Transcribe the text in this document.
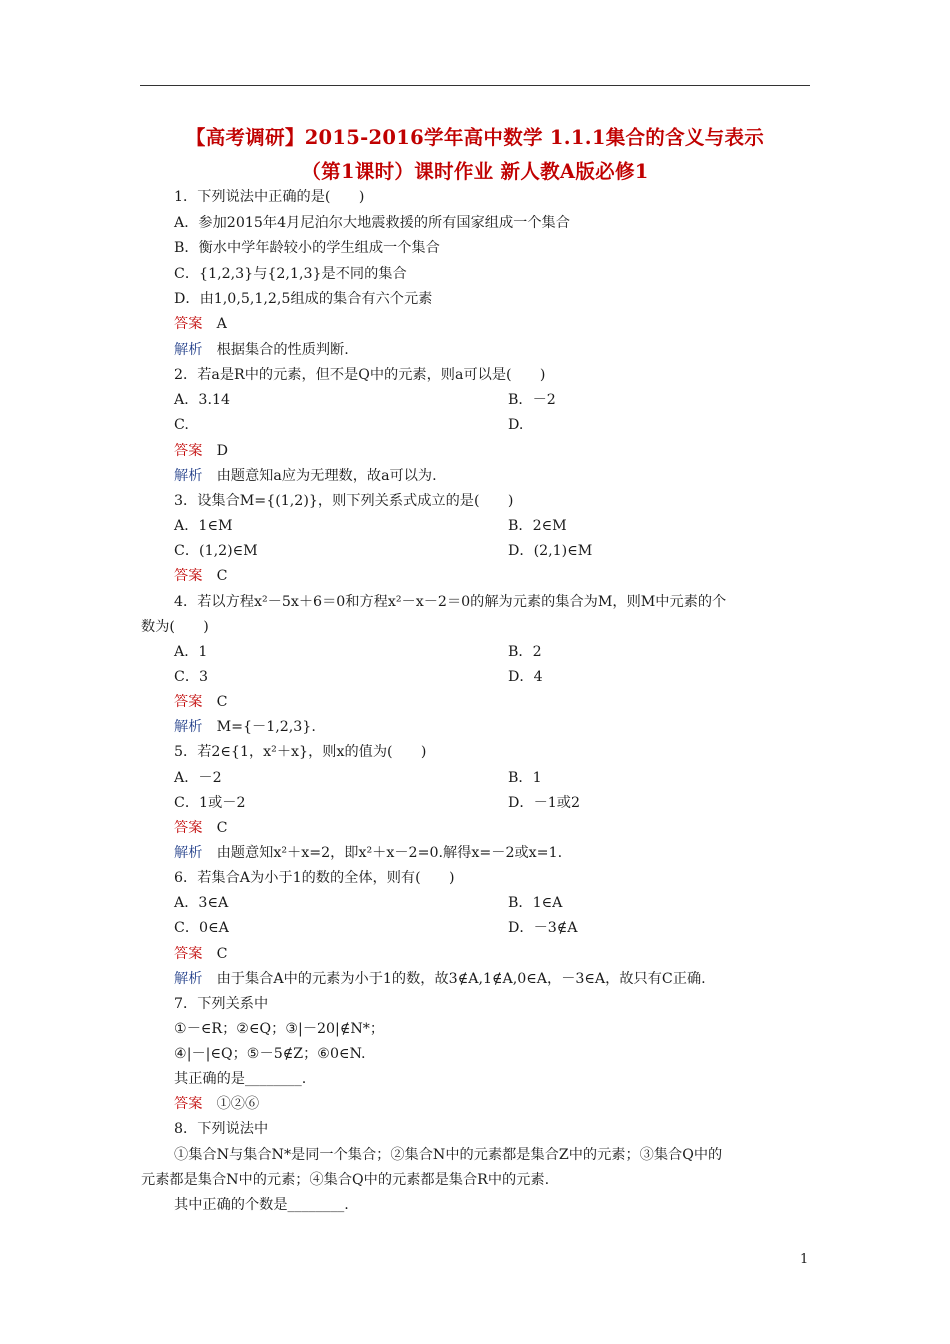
【高考调研】2015-2016学年高中数学 1.1.1集合的含义与表示
（第1课时）课时作业 新人教A版必修1
1．下列说法中正确的是(　　)
A．参加2015年4月尼泊尔大地震救援的所有国家组成一个集合
B．衡水中学年龄较小的学生组成一个集合
C．{1,2,3}与{2,1,3}是不同的集合
D．由1,0,5,1,2,5组成的集合有六个元素
答案　A
解析　根据集合的性质判断.
2．若a是R中的元素，但不是Q中的元素，则a可以是(　　)
A．3.14	B．－2
C.	D.
答案　D
解析　由题意知a应为无理数，故a可以为.
3．设集合M={(1,2)}，则下列关系式成立的是(　　)
A．1∈M	B．2∈M
C．(1,2)∈M	D．(2,1)∈M
答案　C
4．若以方程x²－5x＋6＝0和方程x²－x－2＝0的解为元素的集合为M，则M中元素的个
数为(　　)
A．1	B．2
C．3	D．4
答案　C
解析　M={－1,2,3}.
5．若2∈{1，x²＋x}，则x的值为(　　)
A．－2	B．1
C．1或－2	D．－1或2
答案　C
解析　由题意知x²＋x=2，即x²＋x－2=0.解得x=－2或x=1.
6．若集合A为小于1的数的全体，则有(　　)
A．3∈A	B．1∈A
C．0∈A	D．－3∉A
答案　C
解析　由于集合A中的元素为小于1的数，故3∉A,1∉A,0∈A，－3∈A，故只有C正确.
7．下列关系中
①－∈R；②∈Q；③|－20|∉N*；
④|－|∈Q；⑤－5∉Z；⑥0∈N.
其正确的是________.
答案　①②⑥
8．下列说法中
①集合N与集合N*是同一个集合；②集合N中的元素都是集合Z中的元素；③集合Q中的
元素都是集合N中的元素；④集合Q中的元素都是集合R中的元素.
其中正确的个数是________.
1
